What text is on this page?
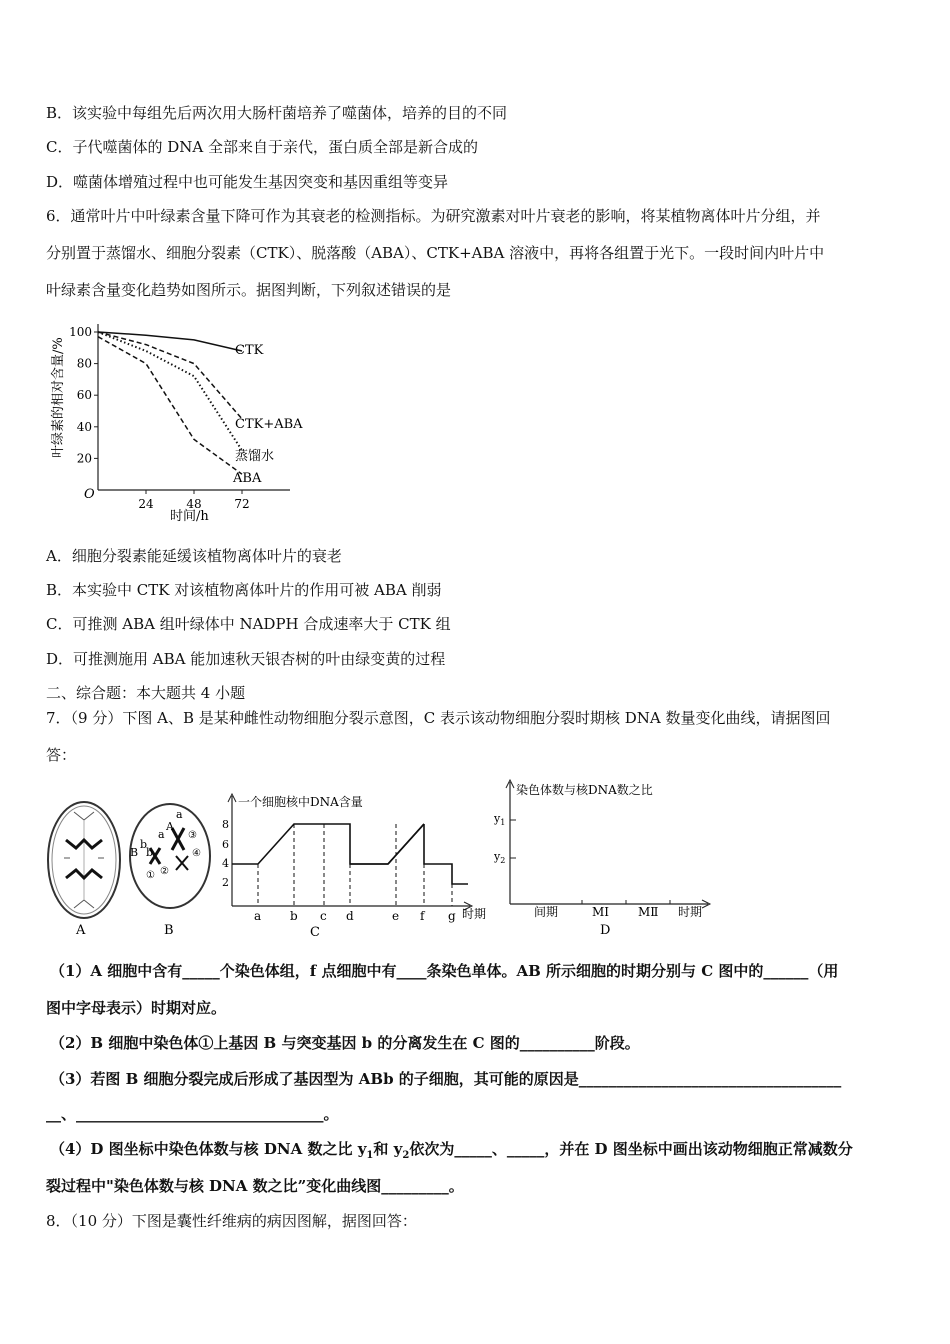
B．该实验中每组先后两次用大肠杆菌培养了噬菌体，培养的目的不同
C．子代噬菌体的 DNA 全部来自于亲代，蛋白质全部是新合成的
D．噬菌体增殖过程中也可能发生基因突变和基因重组等变异
6．通常叶片中叶绿素含量下降可作为其衰老的检测指标。为研究激素对叶片衰老的影响，将某植物离体叶片分组，并
分别置于蒸馏水、细胞分裂素（CTK）、脱落酸（ABA）、CTK+ABA 溶液中，再将各组置于光下。一段时间内叶片中
叶绿素含量变化趋势如图所示。据图判断，下列叙述错误的是
20
40
60
80
100
24	48	72
叶绿素的相对含量/%
O
时间/h
CTK
CTK+ABA
蒸馏水
ABA
A．细胞分裂素能延缓该植物离体叶片的衰老
B．本实验中 CTK 对该植物离体叶片的作用可被 ABA 削弱
C．可推测 ABA 组叶绿体中 NADPH 合成速率大于 CTK 组
D．可推测施用 ABA 能加速秋天银杏树的叶由绿变黄的过程
二、综合题：本大题共 4 小题
7．（9 分）下图 A、B 是某种雌性动物细胞分裂示意图，C 表示该动物细胞分裂时期核 DNA 数量变化曲线，请据图回
答：
A
B
b
b
A
a
a
① ②
③
④
B
一个细胞核中DNA含量
8
6
4
2
a b c d	e f g 时期
C
染色体数与核DNA数之比
$y_1$
$y_2$
间期	MⅠ MⅡ 时期
D
（1）A 细胞中含有_____个染色体组，f 点细胞中有____条染色单体。AB 所示细胞的时期分别与 C 图中的______（用
图中字母表示）时期对应。
（2）B 细胞中染色体①上基因 B 与突变基因 b 的分离发生在 C 图的__________阶段。
（3）若图 B 细胞分裂完成后形成了基因型为 ABb 的子细胞，其可能的原因是___________________________________
__、_________________________________。
（4）D 图坐标中染色体数与核 DNA 数之比 $y_1$和 $y_2$依次为_____、_____，并在 D 图坐标中画出该动物细胞正常减数分
裂过程中"染色体数与核 DNA 数之比”变化曲线图_________。
8．（10 分）下图是囊性纤维病的病因图解，据图回答：
